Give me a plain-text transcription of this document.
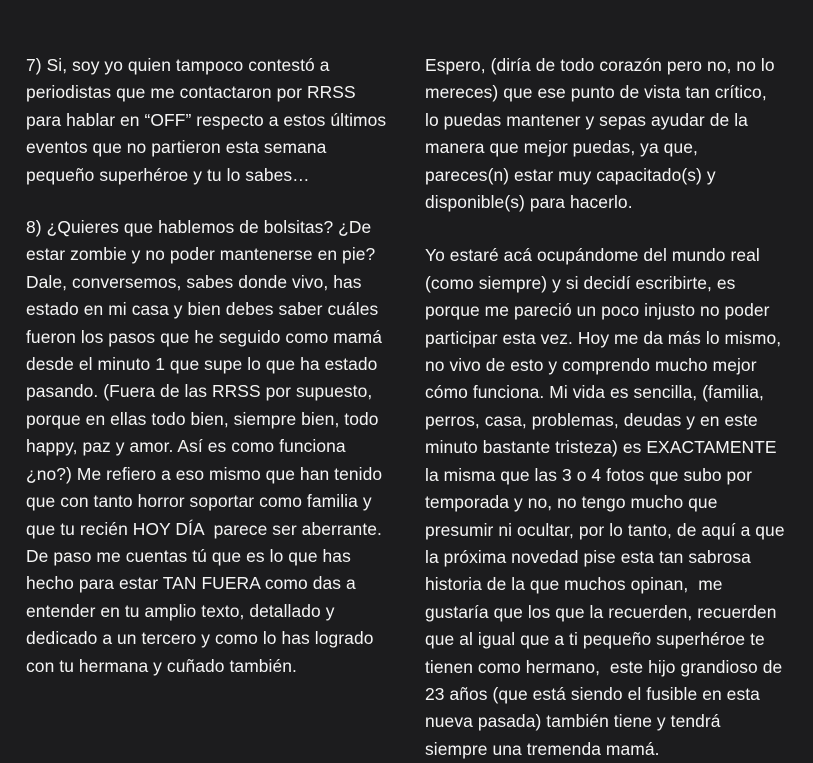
7) Si, soy yo quien tampoco contestó a periodistas que me contactaron por RRSS para hablar en “OFF” respecto a estos últimos eventos que no partieron esta semana pequeño superhéroe y tu lo sabes…

8) ¿Quieres que hablemos de bolsitas? ¿De estar zombie y no poder mantenerse en pie? Dale, conversemos, sabes donde vivo, has estado en mi casa y bien debes saber cuáles fueron los pasos que he seguido como mamá desde el minuto 1 que supe lo que ha estado pasando. (Fuera de las RRSS por supuesto, porque en ellas todo bien, siempre bien, todo happy, paz y amor. Así es como funciona ¿no?) Me refiero a eso mismo que han tenido que con tanto horror soportar como familia y que tu recién HOY DÍA  parece ser aberrante. De paso me cuentas tú que es lo que has hecho para estar TAN FUERA como das a entender en tu amplio texto, detallado y dedicado a un tercero y como lo has logrado con tu hermana y cuñado también.

Espero, (diría de todo corazón pero no, no lo mereces) que ese punto de vista tan crítico, lo puedas mantener y sepas ayudar de la manera que mejor puedas, ya que, pareces(n) estar muy capacitado(s) y disponible(s) para hacerlo.

Yo estaré acá ocupándome del mundo real (como siempre) y si decidí escribirte, es porque me pareció un poco injusto no poder participar esta vez. Hoy me da más lo mismo, no vivo de esto y comprendo mucho mejor cómo funciona. Mi vida es sencilla, (familia, perros, casa, problemas, deudas y en este minuto bastante tristeza) es EXACTAMENTE la misma que las 3 o 4 fotos que subo por temporada y no, no tengo mucho que presumir ni ocultar, por lo tanto, de aquí a que la próxima novedad pise esta tan sabrosa historia de la que muchos opinan,  me gustaría que los que la recuerden, recuerden que al igual que a ti pequeño superhéroe te tienen como hermano,  este hijo grandioso de 23 años (que está siendo el fusible en esta nueva pasada) también tiene y tendrá siempre una tremenda mamá.
